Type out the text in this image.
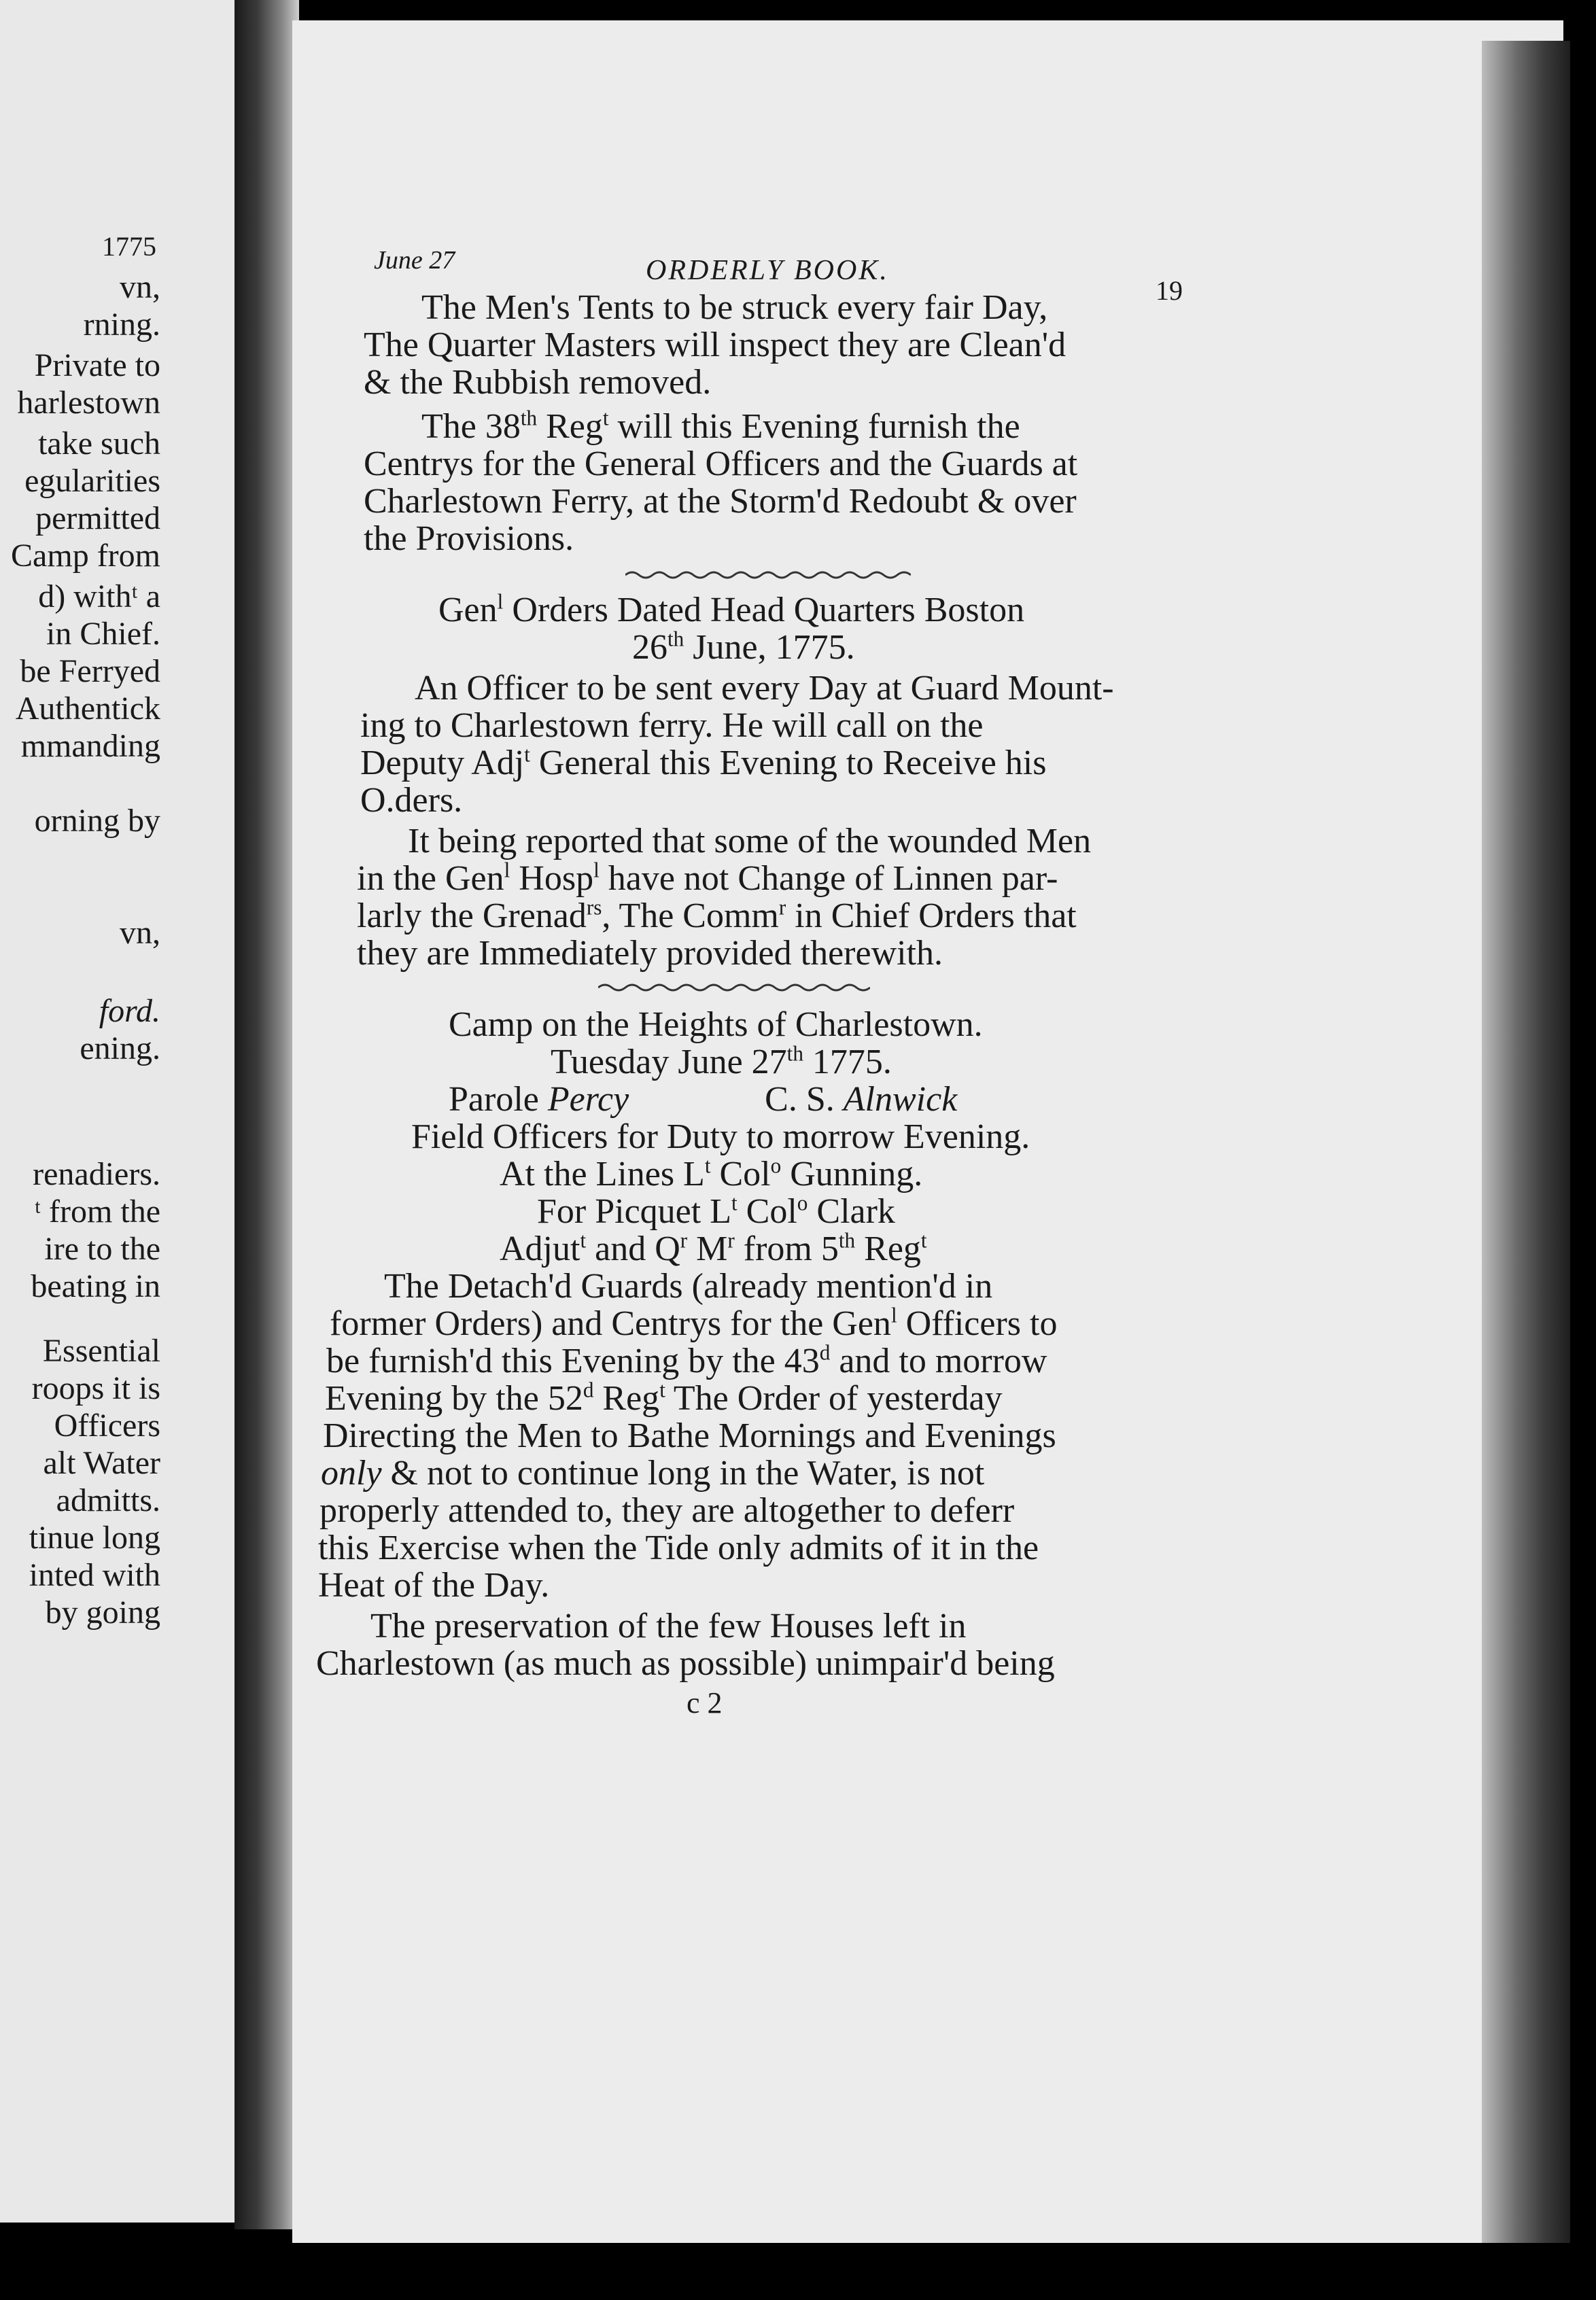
1775
vn,
rning.
Private to
harlestown
take such
egularities
permitted
Camp from
d) withᵗ a
in Chief.
be Ferryed
Authentick
mmanding
orning by
vn,
ford.
ening.
renadiers.
ᵗ from the
ire to the
beating in
Essential
roops it is
Officers
alt Water
admitts.
tinue long
inted with
by going
June 27	ORDERLY BOOK.
19
The Men's Tents to be struck every fair Day,
The Quarter Masters will inspect they are Clean'd
& the Rubbish removed.
The 38th Reg$^t$ will this Evening furnish the
Centrys for the General Officers and the Guards at
Charlestown Ferry, at the Storm'd Redoubt & over
the Provisions.
Gen$^l$ Orders Dated Head Quarters Boston
26th June, 1775.
An Officer to be sent every Day at Guard Mount-
ing to Charlestown ferry. He will call on the
Deputy Adj$^t$ General this Evening to Receive his
O.ders.
It being reported that some of the wounded Men
in the Gen$^l$ Hosp$^l$ have not Change of Linnen par-
larly the Grenad$^{rs}$, The Comm$^r$ in Chief Orders that
they are Immediately provided therewith.
Camp on the Heights of Charlestown.
Tuesday June 27th 1775.
Parole Percy	C. S. Alnwick
Field Officers for Duty to morrow Evening.
At the Lines $L^t$ Col$^o$ Gunning.
For Picquet $L^t$ Col$^o$ Clark
Adjut$^t$ and $Q^r$ $M^r$ from 5th Reg$^t$
The Detach'd Guards (already mention'd in
former Orders) and Centrys for the Gen$^l$ Officers to
be furnish'd this Evening by the 43$^d$ and to morrow
Evening by the 52$^d$ Reg$^t$ The Order of yesterday
Directing the Men to Bathe Mornings and Evenings
only & not to continue long in the Water, is not
properly attended to, they are altogether to deferr
this Exercise when the Tide only admits of it in the
Heat of the Day.
The preservation of the few Houses left in
Charlestown (as much as possible) unimpair'd being
c 2
